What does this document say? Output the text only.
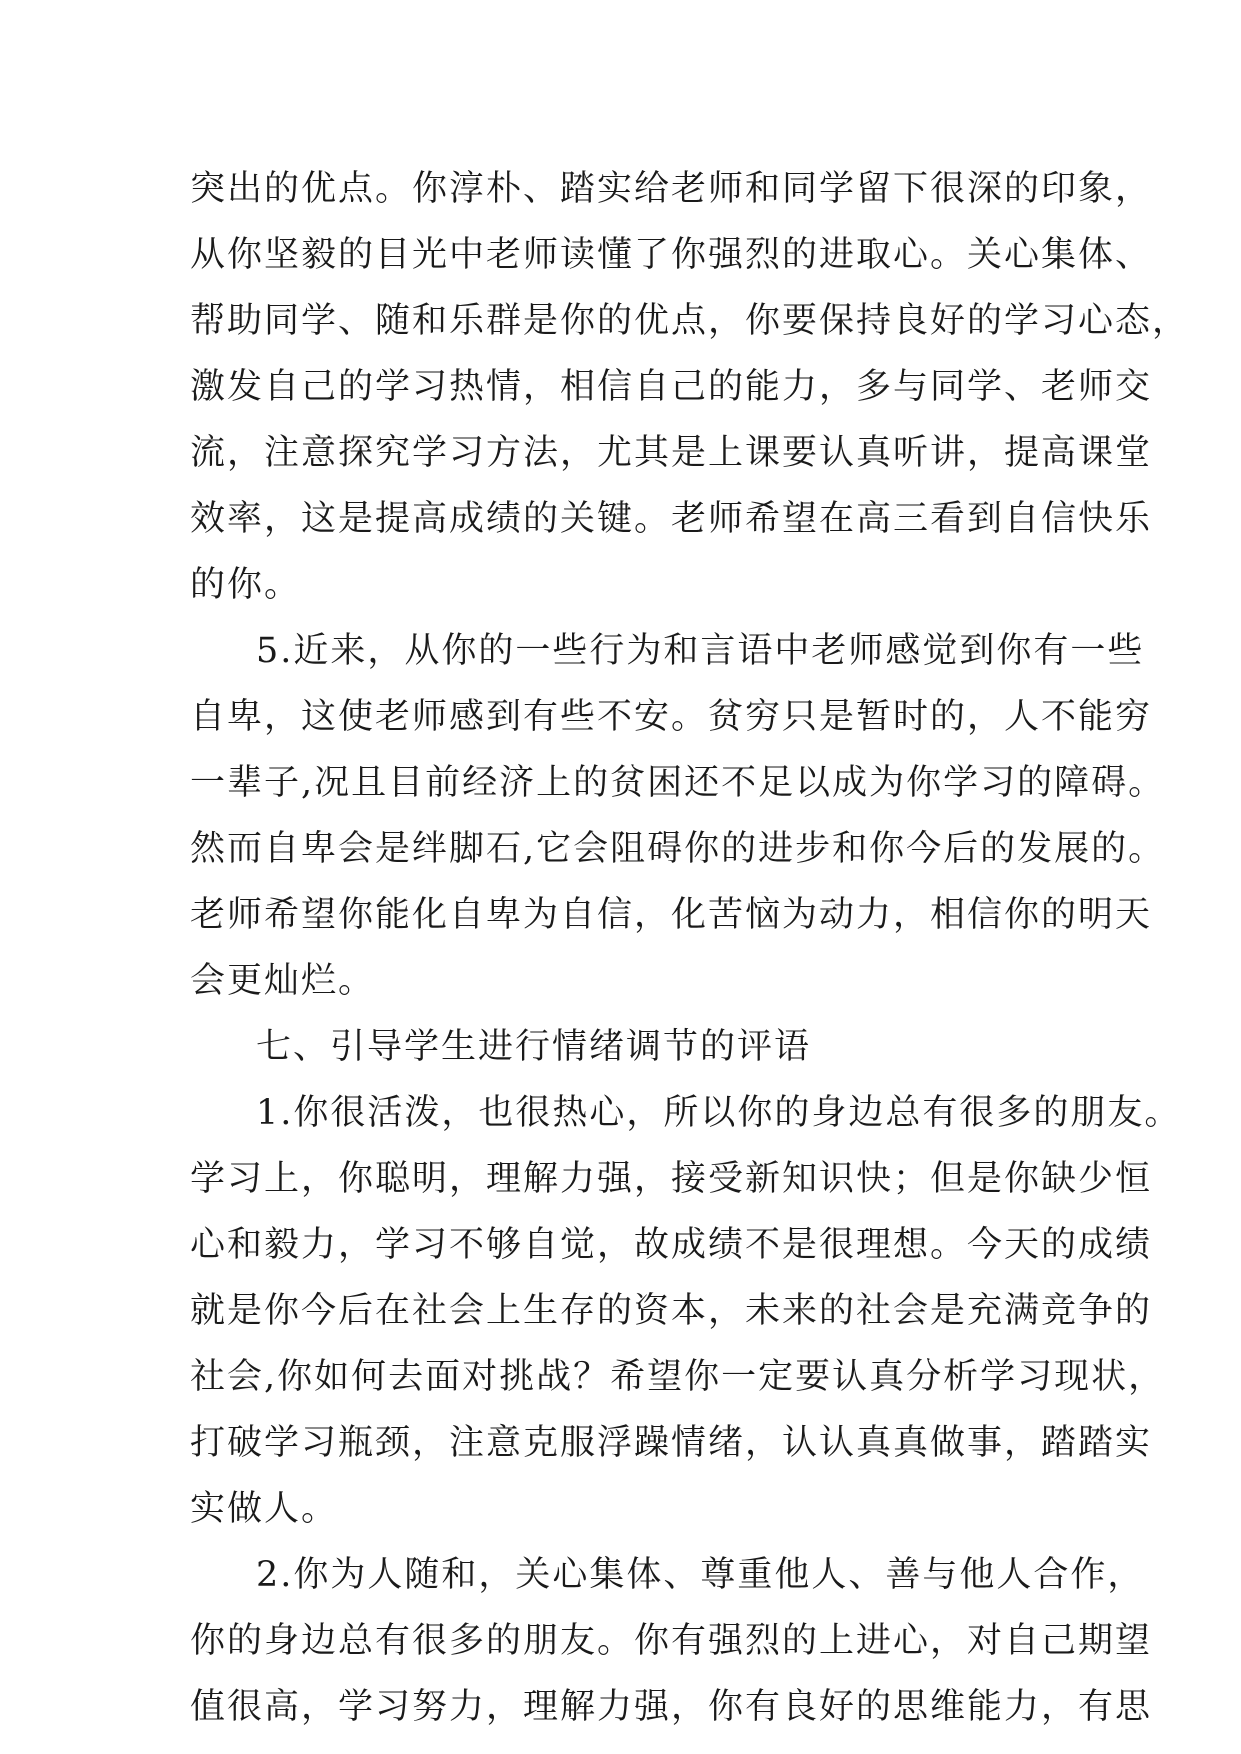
突出的优点。你淳朴、踏实给老师和同学留下很深的印象，
从你坚毅的目光中老师读懂了你强烈的进取心。关心集体、
帮助同学、随和乐群是你的优点，你要保持良好的学习心态，
激发自己的学习热情，相信自己的能力，多与同学、老师交
流，注意探究学习方法，尤其是上课要认真听讲，提高课堂
效率，这是提高成绩的关键。老师希望在高三看到自信快乐
的你。
5.近来，从你的一些行为和言语中老师感觉到你有一些
自卑，这使老师感到有些不安。贫穷只是暂时的，人不能穷
一辈子,况且目前经济上的贫困还不足以成为你学习的障碍。
然而自卑会是绊脚石,它会阻碍你的进步和你今后的发展的。
老师希望你能化自卑为自信，化苦恼为动力，相信你的明天
会更灿烂。
七、引导学生进行情绪调节的评语
1.你很活泼，也很热心，所以你的身边总有很多的朋友。
学习上，你聪明，理解力强，接受新知识快；但是你缺少恒
心和毅力，学习不够自觉，故成绩不是很理想。今天的成绩
就是你今后在社会上生存的资本，未来的社会是充满竞争的
社会,你如何去面对挑战？希望你一定要认真分析学习现状，
打破学习瓶颈，注意克服浮躁情绪，认认真真做事，踏踏实
实做人。
2.你为人随和，关心集体、尊重他人、善与他人合作，
你的身边总有很多的朋友。你有强烈的上进心，对自己期望
值很高，学习努力，理解力强，你有良好的思维能力，有思
